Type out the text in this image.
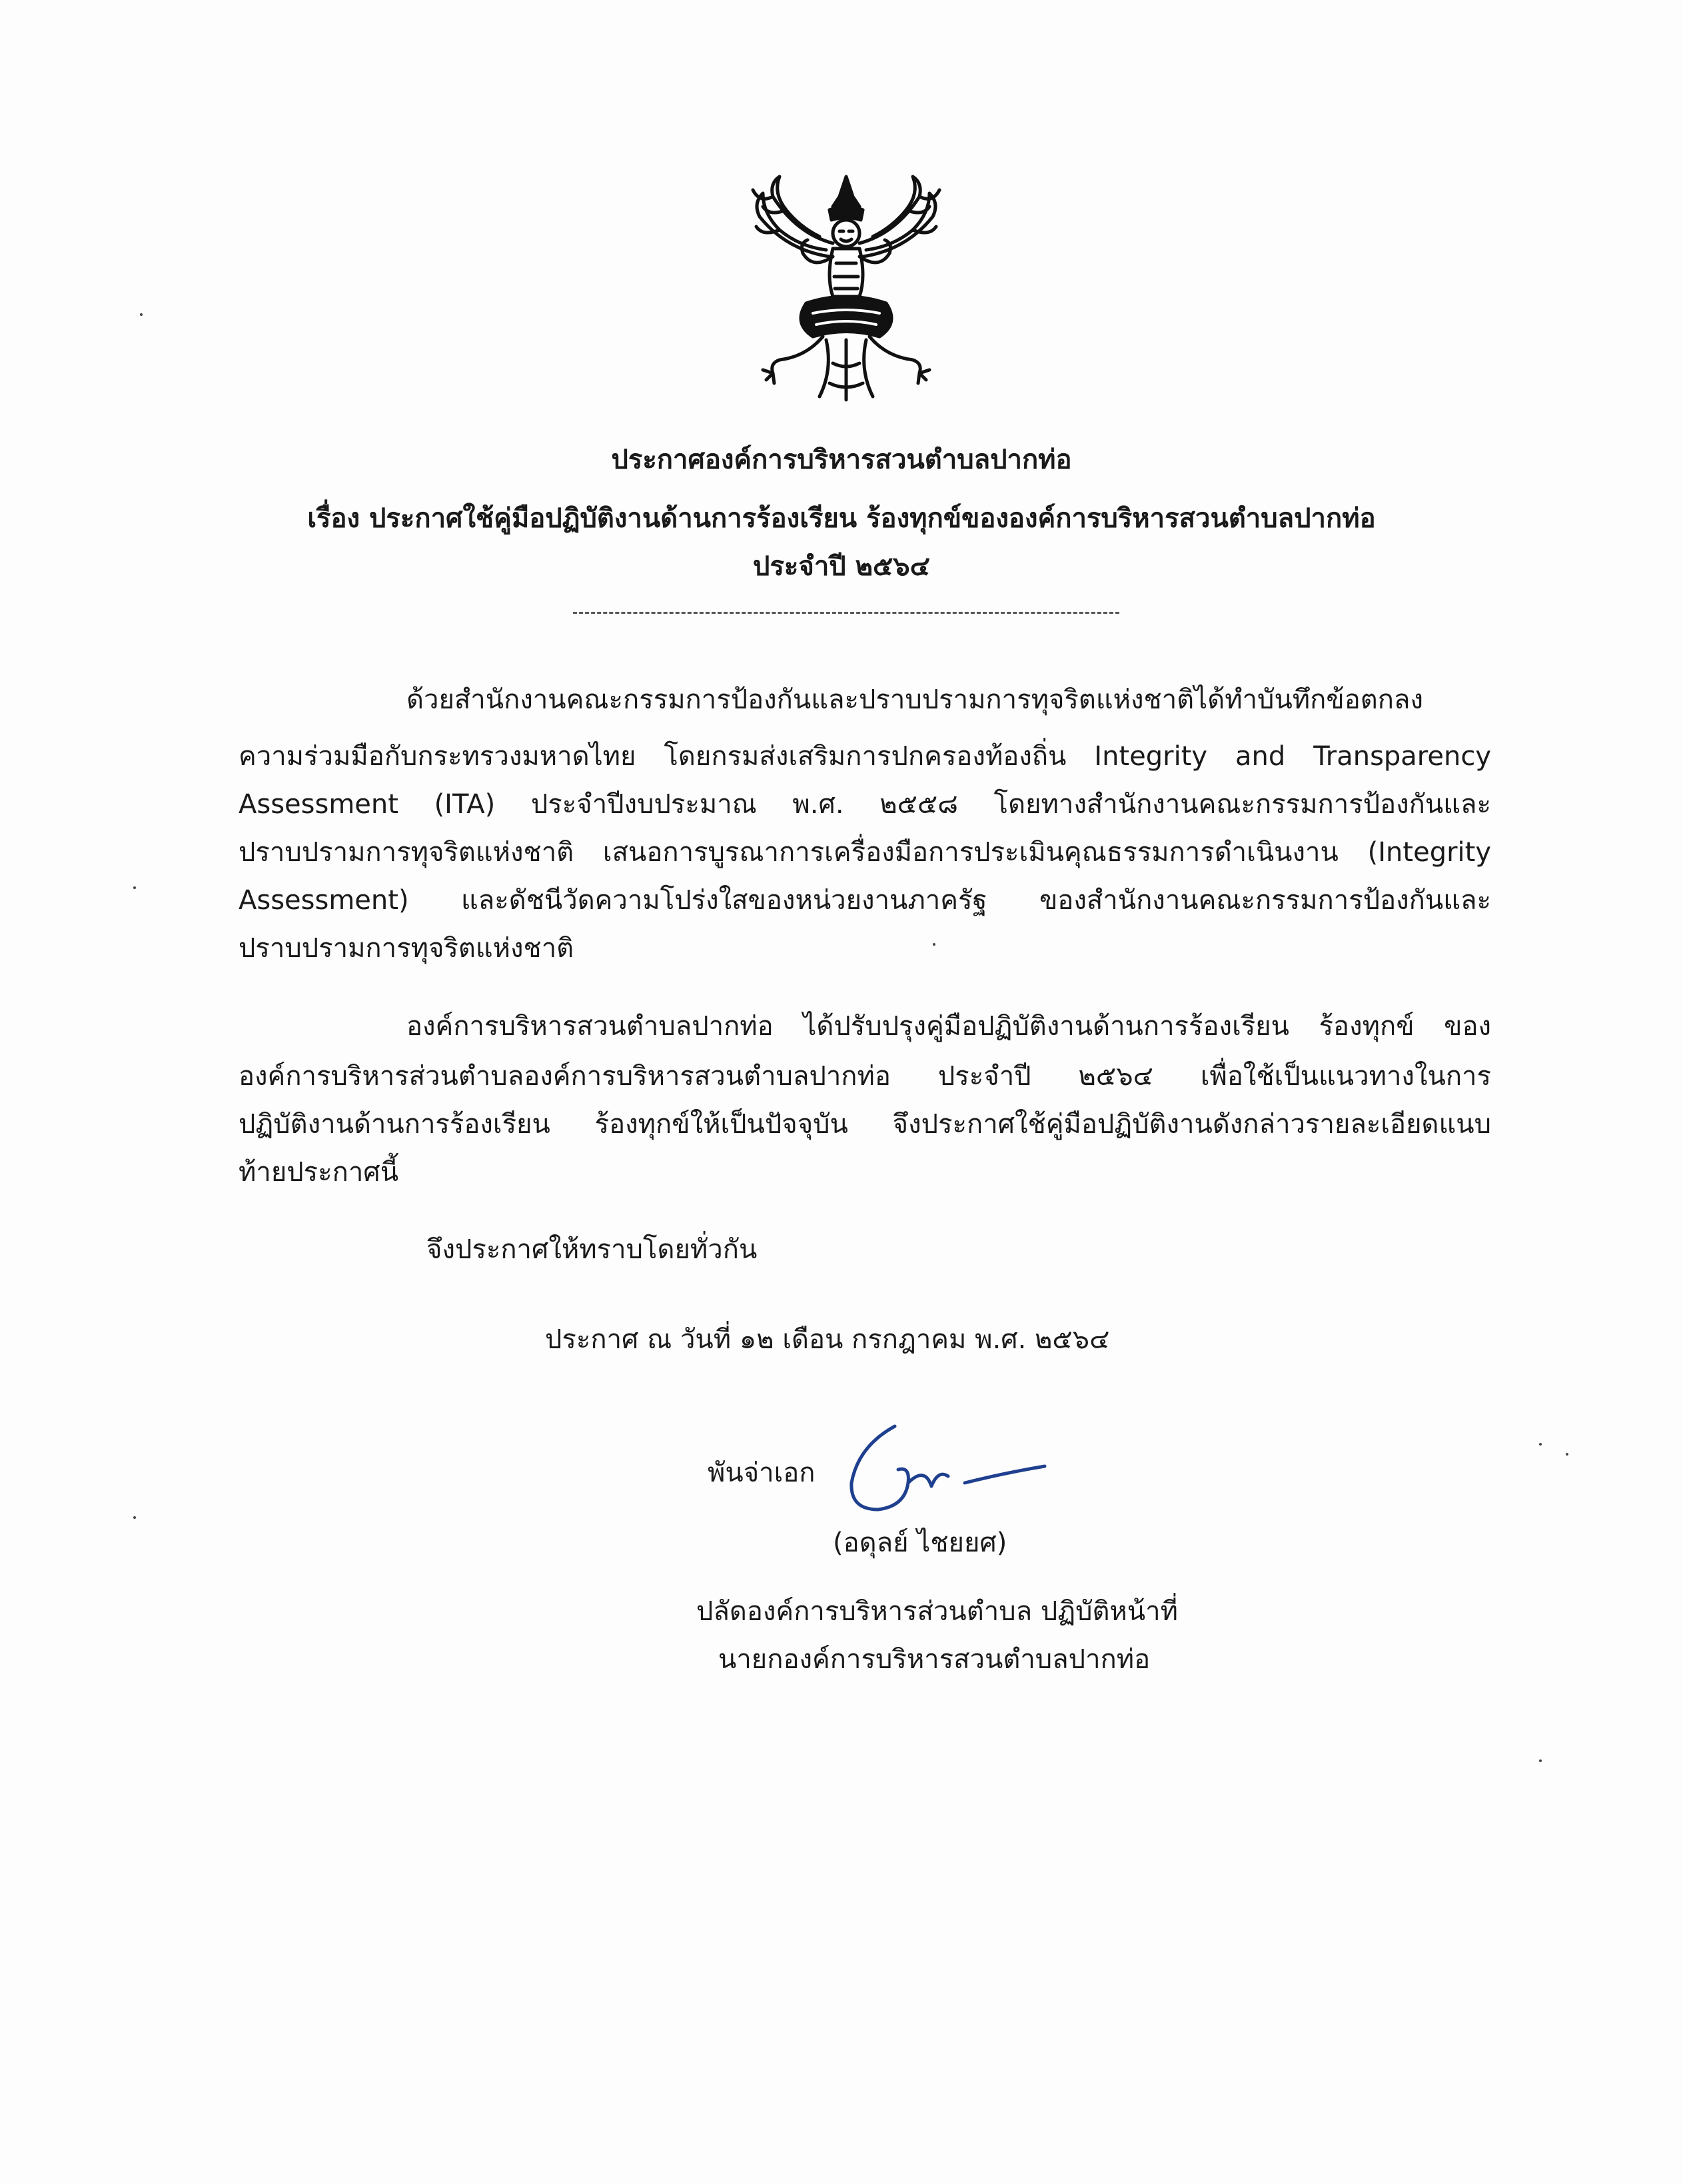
ประกาศองค์การบริหารสวนตำบลปากท่อ
เรื่อง ประกาศใช้คู่มือปฏิบัติงานด้านการร้องเรียน ร้องทุกข์ขององค์การบริหารสวนตำบลปากท่อ
ประจำปี ๒๕๖๔
ด้วยสำนักงานคณะกรรมการป้องกันและปราบปรามการทุจริตแห่งชาติได้ทำบันทึกข้อตกลง
ความร่วมมือกับกระทรวงมหาดไทย โดยกรมส่งเสริมการปกครองท้องถิ่น Integrity and Transparency
Assessment (ITA) ประจำปีงบประมาณ พ.ศ. ๒๕๕๘ โดยทางสำนักงานคณะกรรมการป้องกันและ
ปราบปรามการทุจริตแห่งชาติ เสนอการบูรณาการเครื่องมือการประเมินคุณธรรมการดำเนินงาน (Integrity
Assessment) และดัชนีวัดความโปร่งใสของหน่วยงานภาครัฐ ของสำนักงานคณะกรรมการป้องกันและ
ปราบปรามการทุจริตแห่งชาติ
องค์การบริหารสวนตำบลปากท่อ ได้ปรับปรุงคู่มือปฏิบัติงานด้านการร้องเรียน ร้องทุกข์ ของ
องค์การบริหารส่วนตำบลองค์การบริหารสวนตำบลปากท่อ ประจำปี ๒๕๖๔ เพื่อใช้เป็นแนวทางในการ
ปฏิบัติงานด้านการร้องเรียน ร้องทุกข์ให้เป็นปัจจุบัน จึงประกาศใช้คู่มือปฏิบัติงานดังกล่าวรายละเอียดแนบ
ท้ายประกาศนี้
จึงประกาศให้ทราบโดยทั่วกัน
ประกาศ ณ วันที่ ๑๒ เดือน กรกฎาคม พ.ศ. ๒๕๖๔
พันจ่าเอก
(อดุลย์ ไชยยศ)
ปลัดองค์การบริหารส่วนตำบล ปฏิบัติหน้าที่
นายกองค์การบริหารสวนตำบลปากท่อ
